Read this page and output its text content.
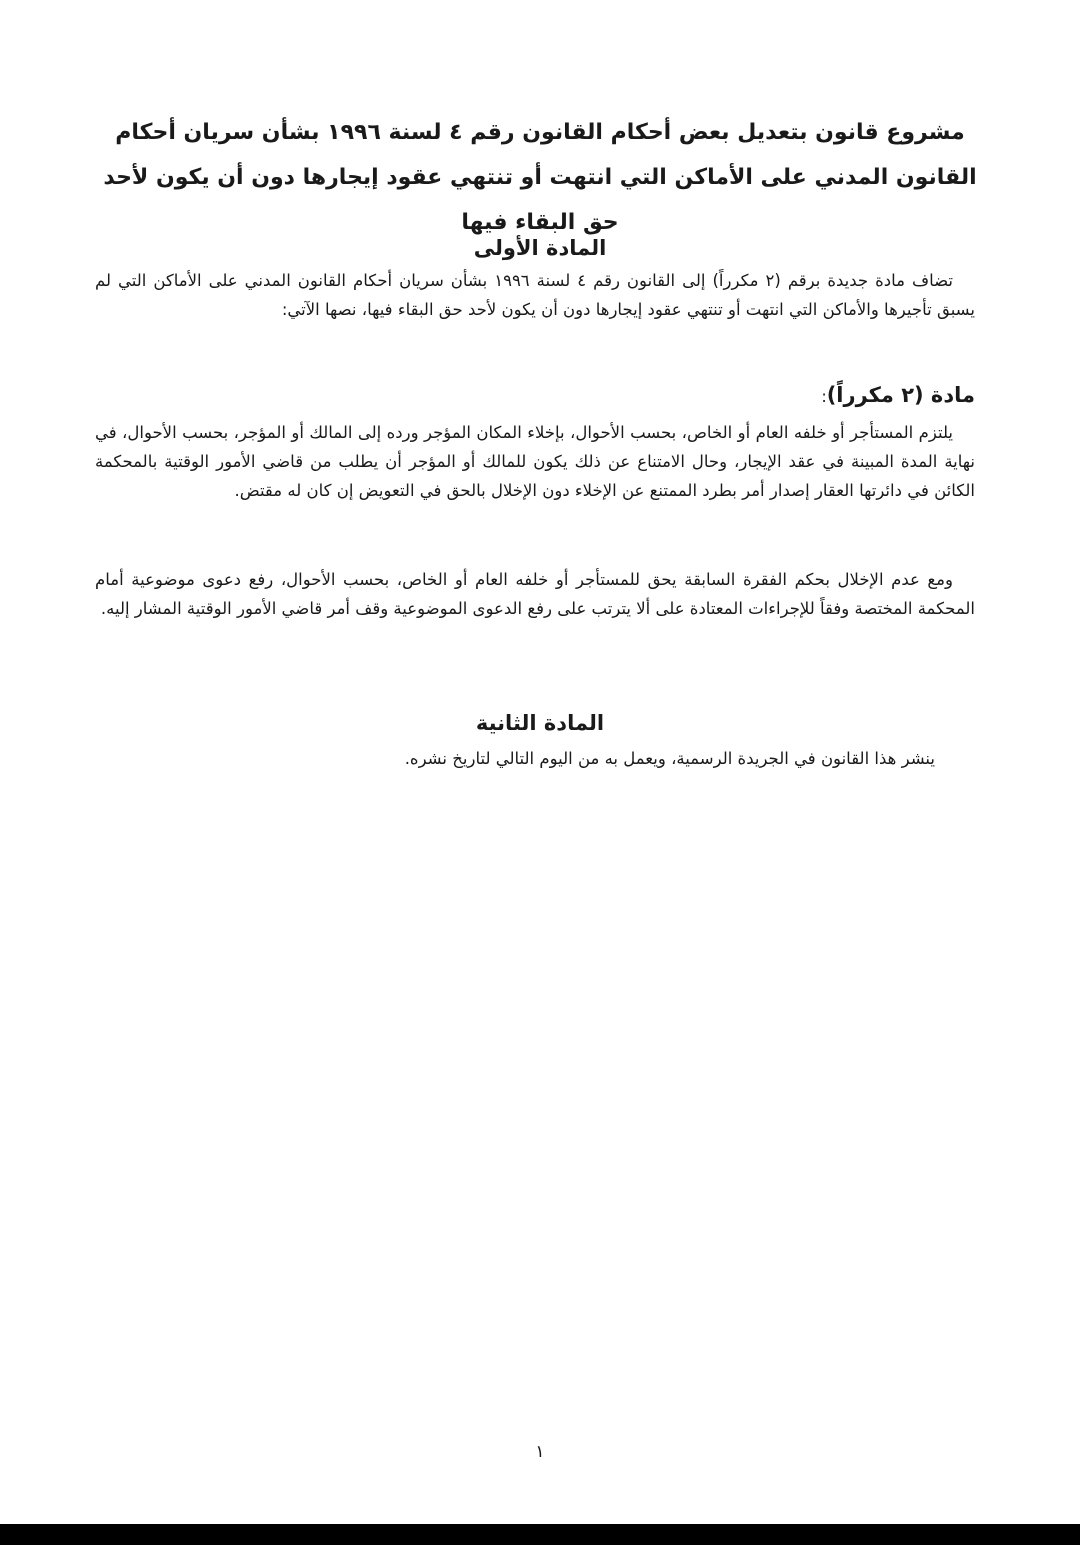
مشروع قانون بتعديل بعض أحكام القانون رقم ٤ لسنة ١٩٩٦ بشأن سريان أحكام القانون المدني على الأماكن التي انتهت أو تنتهي عقود إيجارها دون أن يكون لأحد حق البقاء فيها
المادة الأولى

تضاف مادة جديدة برقم (٢ مكرراً) إلى القانون رقم ٤ لسنة ١٩٩٦ بشأن سريان أحكام القانون المدني على الأماكن التي لم يسبق تأجيرها والأماكن التي انتهت أو تنتهي عقود إيجارها دون أن يكون لأحد حق البقاء فيها، نصها الآتي:

مادة (٢ مكرراً):

يلتزم المستأجر أو خلفه العام أو الخاص، بحسب الأحوال، بإخلاء المكان المؤجر ورده إلى المالك أو المؤجر، بحسب الأحوال، في نهاية المدة المبينة في عقد الإيجار، وحال الامتناع عن ذلك يكون للمالك أو المؤجر أن يطلب من قاضي الأمور الوقتية بالمحكمة الكائن في دائرتها العقار إصدار أمر بطرد الممتنع عن الإخلاء دون الإخلال بالحق في التعويض إن كان له مقتض.

ومع عدم الإخلال بحكم الفقرة السابقة يحق للمستأجر أو خلفه العام أو الخاص، بحسب الأحوال، رفع دعوى موضوعية أمام المحكمة المختصة وفقاً للإجراءات المعتادة على ألا يترتب على رفع الدعوى الموضوعية وقف أمر قاضي الأمور الوقتية المشار إليه.

المادة الثانية

ينشر هذا القانون في الجريدة الرسمية، ويعمل به من اليوم التالي لتاريخ نشره.

١
